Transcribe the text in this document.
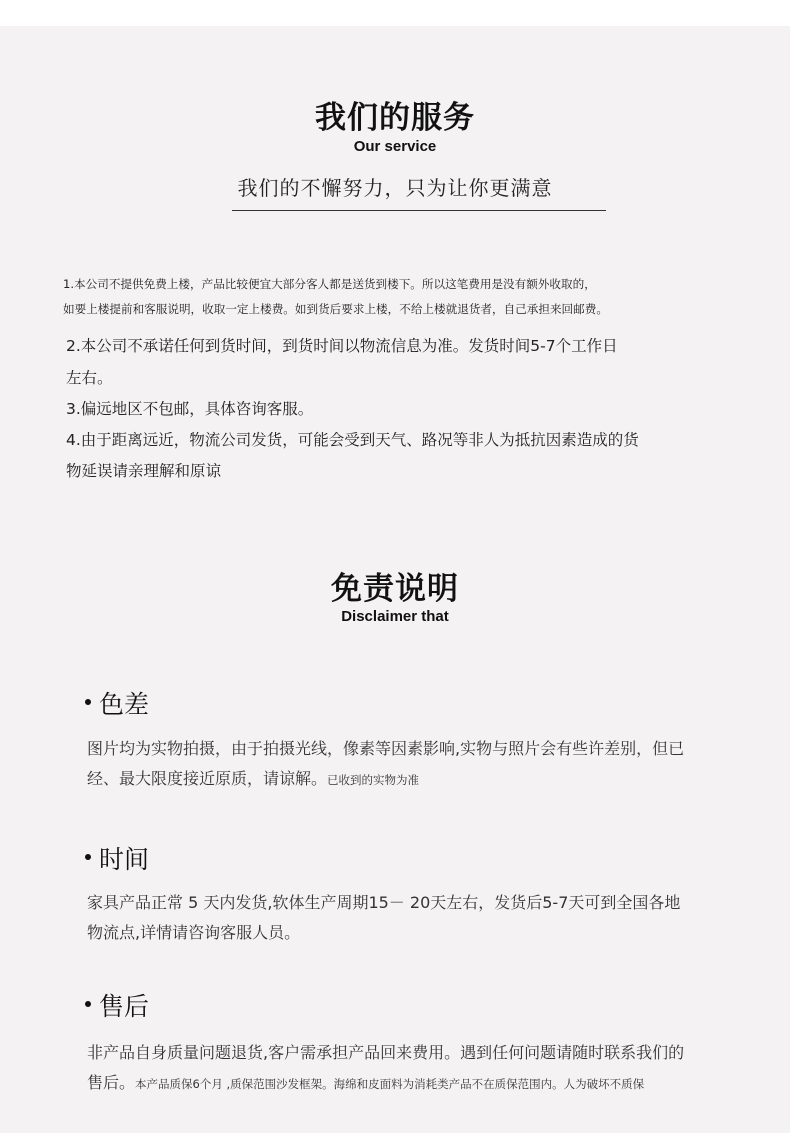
我们的服务
Our service
我们的不懈努力，只为让你更满意
1.本公司不提供免费上楼，产品比较便宜大部分客人都是送货到楼下。所以这笔费用是没有额外收取的，
如要上楼提前和客服说明，收取一定上楼费。如到货后要求上楼，不给上楼就退货者，自己承担来回邮费。
2.本公司不承诺任何到货时间，到货时间以物流信息为准。发货时间5-7个工作日
左右。
3.偏远地区不包邮，具体咨询客服。
4.由于距离远近，物流公司发货，可能会受到天气、路况等非人为抵抗因素造成的货
物延误请亲理解和原谅
免责说明
Disclaimer that
色差
图片均为实物拍摄，由于拍摄光线，像素等因素影响,实物与照片会有些许差别，但已
经、最大限度接近原质，请谅解。已收到的实物为准
时间
家具产品正常 5 天内发货,软体生产周期15－ 20天左右，发货后5-7天可到全国各地
物流点,详情请咨询客服人员。
售后
非产品自身质量问题退货,客户需承担产品回来费用。遇到任何问题请随时联系我们的
售后。本产品质保6个月 ,质保范围沙发框架。海绵和皮面料为消耗类产品不在质保范围内。人为破坏不质保
